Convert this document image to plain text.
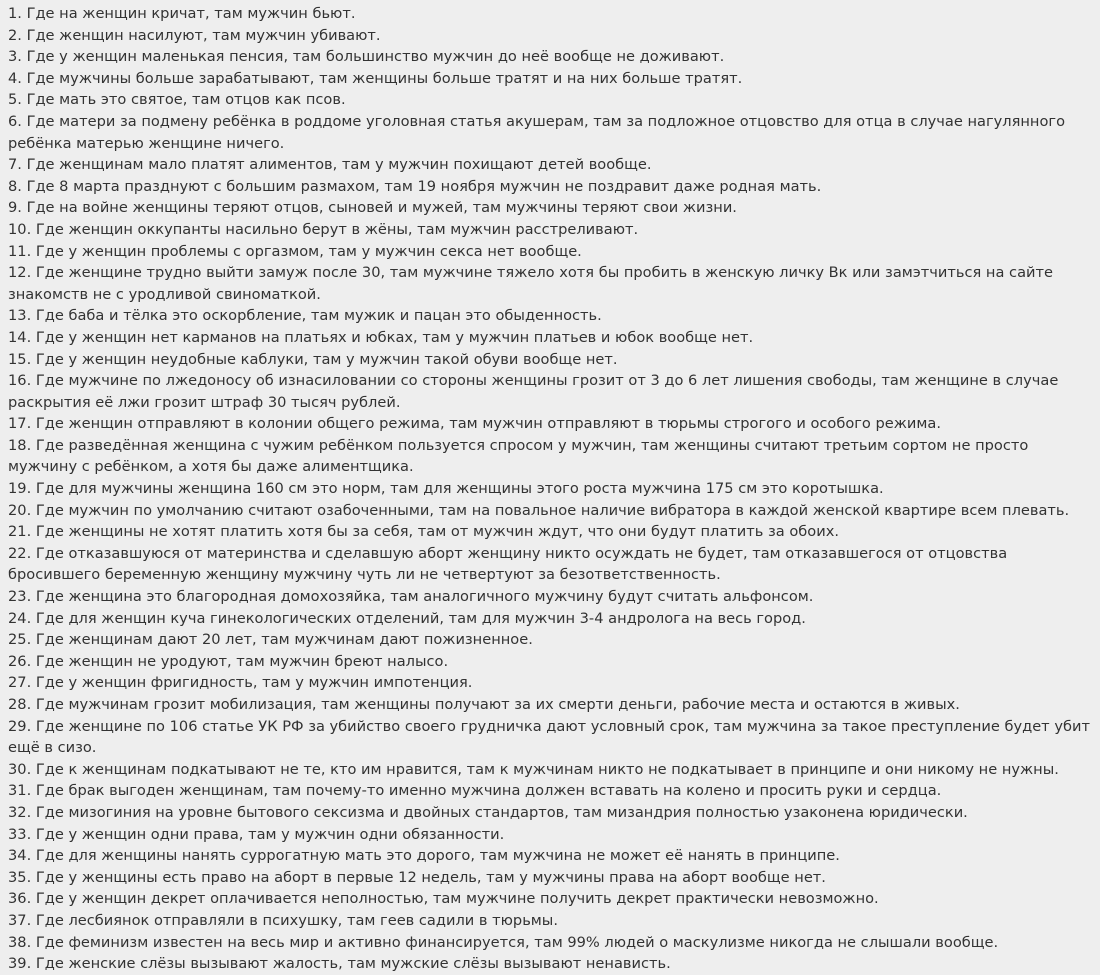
1. Где на женщин кричат, там мужчин бьют.
2. Где женщин насилуют, там мужчин убивают.
3. Где у женщин маленькая пенсия, там большинство мужчин до неё вообще не доживают.
4. Где мужчины больше зарабатывают, там женщины больше тратят и на них больше тратят.
5. Где мать это святое, там отцов как псов.
6. Где матери за подмену ребёнка в роддоме уголовная статья акушерам, там за подложное отцовство для отца в случае нагулянного ребёнка матерью женщине ничего.
7. Где женщинам мало платят алиментов, там у мужчин похищают детей вообще.
8. Где 8 марта празднуют с большим размахом, там 19 ноября мужчин не поздравит даже родная мать.
9. Где на войне женщины теряют отцов, сыновей и мужей, там мужчины теряют свои жизни.
10. Где женщин оккупанты насильно берут в жёны, там мужчин расстреливают.
11. Где у женщин проблемы с оргазмом, там у мужчин секса нет вообще.
12. Где женщине трудно выйти замуж после 30, там мужчине тяжело хотя бы пробить в женскую личку Вк или замэтчиться на сайте знакомств не с уродливой свиноматкой.
13. Где баба и тёлка это оскорбление, там мужик и пацан это обыденность.
14. Где у женщин нет карманов на платьях и юбках, там у мужчин платьев и юбок вообще нет.
15. Где у женщин неудобные каблуки, там у мужчин такой обуви вообще нет.
16. Где мужчине по лжедоносу об изнасиловании со стороны женщины грозит от 3 до 6 лет лишения свободы, там женщине в случае раскрытия её лжи грозит штраф 30 тысяч рублей.
17. Где женщин отправляют в колонии общего режима, там мужчин отправляют в тюрьмы строгого и особого режима.
18. Где разведённая женщина с чужим ребёнком пользуется спросом у мужчин, там женщины считают третьим сортом не просто мужчину с ребёнком, а хотя бы даже алиментщика.
19. Где для мужчины женщина 160 см это норм, там для женщины этого роста мужчина 175 см это коротышка.
20. Где мужчин по умолчанию считают озабоченными, там на повальное наличие вибратора в каждой женской квартире всем плевать.
21. Где женщины не хотят платить хотя бы за себя, там от мужчин ждут, что они будут платить за обоих.
22. Где отказавшуюся от материнства и сделавшую аборт женщину никто осуждать не будет, там отказавшегося от отцовства бросившего беременную женщину мужчину чуть ли не четвертуют за безответственность.
23. Где женщина это благородная домохозяйка, там аналогичного мужчину будут считать альфонсом.
24. Где для женщин куча гинекологических отделений, там для мужчин 3-4 андролога на весь город.
25. Где женщинам дают 20 лет, там мужчинам дают пожизненное.
26. Где женщин не уродуют, там мужчин бреют налысо.
27. Где у женщин фригидность, там у мужчин импотенция.
28. Где мужчинам грозит мобилизация, там женщины получают за их смерти деньги, рабочие места и остаются в живых.
29. Где женщине по 106 статье УК РФ за убийство своего грудничка дают условный срок, там мужчина за такое преступление будет убит ещё в сизо.
30. Где к женщинам подкатывают не те, кто им нравится, там к мужчинам никто не подкатывает в принципе и они никому не нужны.
31. Где брак выгоден женщинам, там почему-то именно мужчина должен вставать на колено и просить руки и сердца.
32. Где мизогиния на уровне бытового сексизма и двойных стандартов, там мизандрия полностью узаконена юридически.
33. Где у женщин одни права, там у мужчин одни обязанности.
34. Где для женщины нанять суррогатную мать это дорого, там мужчина не может её нанять в принципе.
35. Где у женщины есть право на аборт в первые 12 недель, там у мужчины права на аборт вообще нет.
36. Где у женщин декрет оплачивается неполностью, там мужчине получить декрет практически невозможно.
37. Где лесбиянок отправляли в психушку, там геев садили в тюрьмы.
38. Где феминизм известен на весь мир и активно финансируется, там 99% людей о маскулизме никогда не слышали вообще.
39. Где женские слёзы вызывают жалость, там мужские слёзы вызывают ненависть.
